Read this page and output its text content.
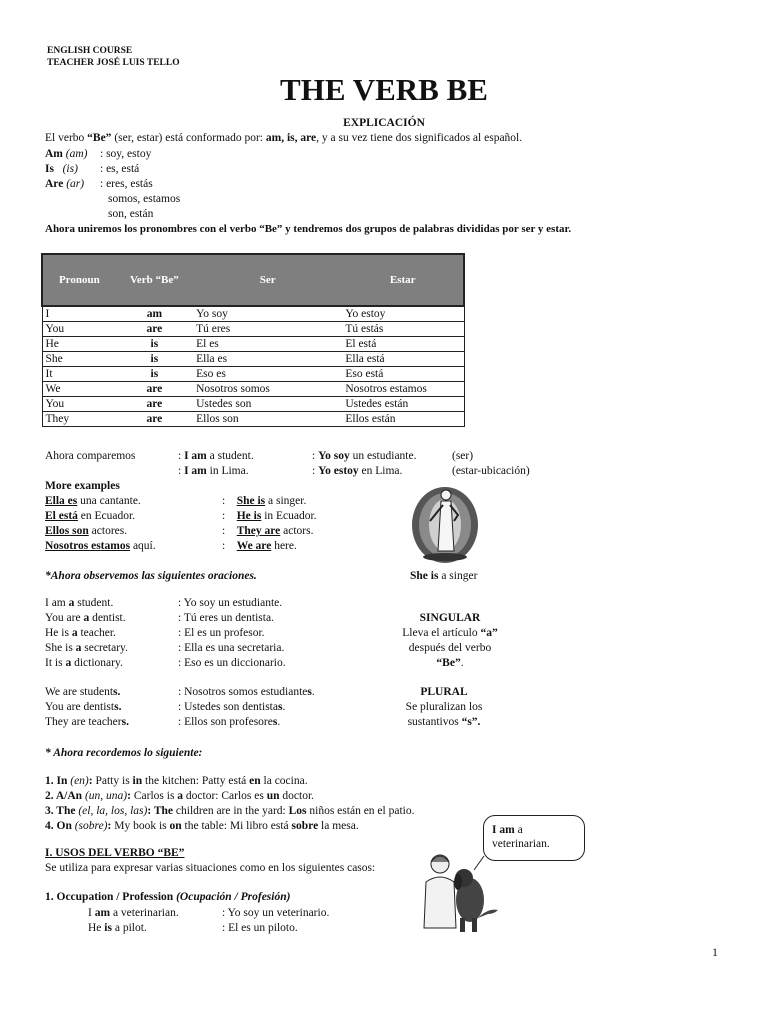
ENGLISH COURSE
TEACHER JOSÉ LUIS TELLO
THE VERB BE
EXPLICACIÓN
El verbo “Be” (ser, estar) está conformado por: am, is, are, y a su vez tiene dos significados al español.
Am (am) : soy, estoy
Is (is) : es, está
Are (ar) : eres, estás
somos, estamos
son, están
Ahora uniremos los pronombres con el verbo “Be” y tendremos dos grupos de palabras divididas por ser y estar.
Pronoun	Verb “Be”	Ser	Estar
I	am	Yo soy	Yo estoy
You	are	Tú eres	Tú estás
He	is	El es	El está
She	is	Ella es	Ella está
It	is	Eso es	Eso está
We	are	Nosotros somos	Nosotros estamos
You	are	Ustedes son	Ustedes están
They	are	Ellos son	Ellos están
Ahora comparemos	: I am a student.	: Yo soy un estudiante.	(ser)
: I am in Lima.	: Yo estoy en Lima.	(estar-ubicación)
More examples
Ella es una cantante.	:    She is a singer.
El está en Ecuador.	:    He is in Ecuador.
Ellos son actores.	:    They are actors.
Nosotros estamos aquí.	:    We are here.
She is a singer
*Ahora observemos las siguientes oraciones.
I am a student.	: Yo soy un estudiante.
You are a dentist.	: Tú eres un dentista.
He is a teacher.	: El es un profesor.
She is a secretary.	: Ella es una secretaria.
It is a dictionary.	: Eso es un diccionario.
SINGULAR
Lleva el artículo “a”
después del verbo
“Be”.
We are students.	: Nosotros somos estudiantes.
You are dentists.	: Ustedes son dentistas.
They are teachers.	: Ellos son profesores.
PLURAL
Se pluralizan los
sustantivos “s”.
* Ahora recordemos lo siguiente:
1. In (en): Patty is in the kitchen: Patty está en la cocina.
2. A/An (un, una): Carlos is a doctor: Carlos es un doctor.
3. The (el, la, los, las): The children are in the yard: Los niños están en el patio.
4. On (sobre): My book is on the table: Mi libro está sobre la mesa.
I. USOS DEL VERBO “BE”
Se utiliza para expresar varias situaciones como en los siguientes casos:
1. Occupation / Profession (Ocupación / Profesión)
I am a veterinarian.	: Yo soy un veterinario.
He is a pilot.	: El es un piloto.
I am a veterinarian.
1
